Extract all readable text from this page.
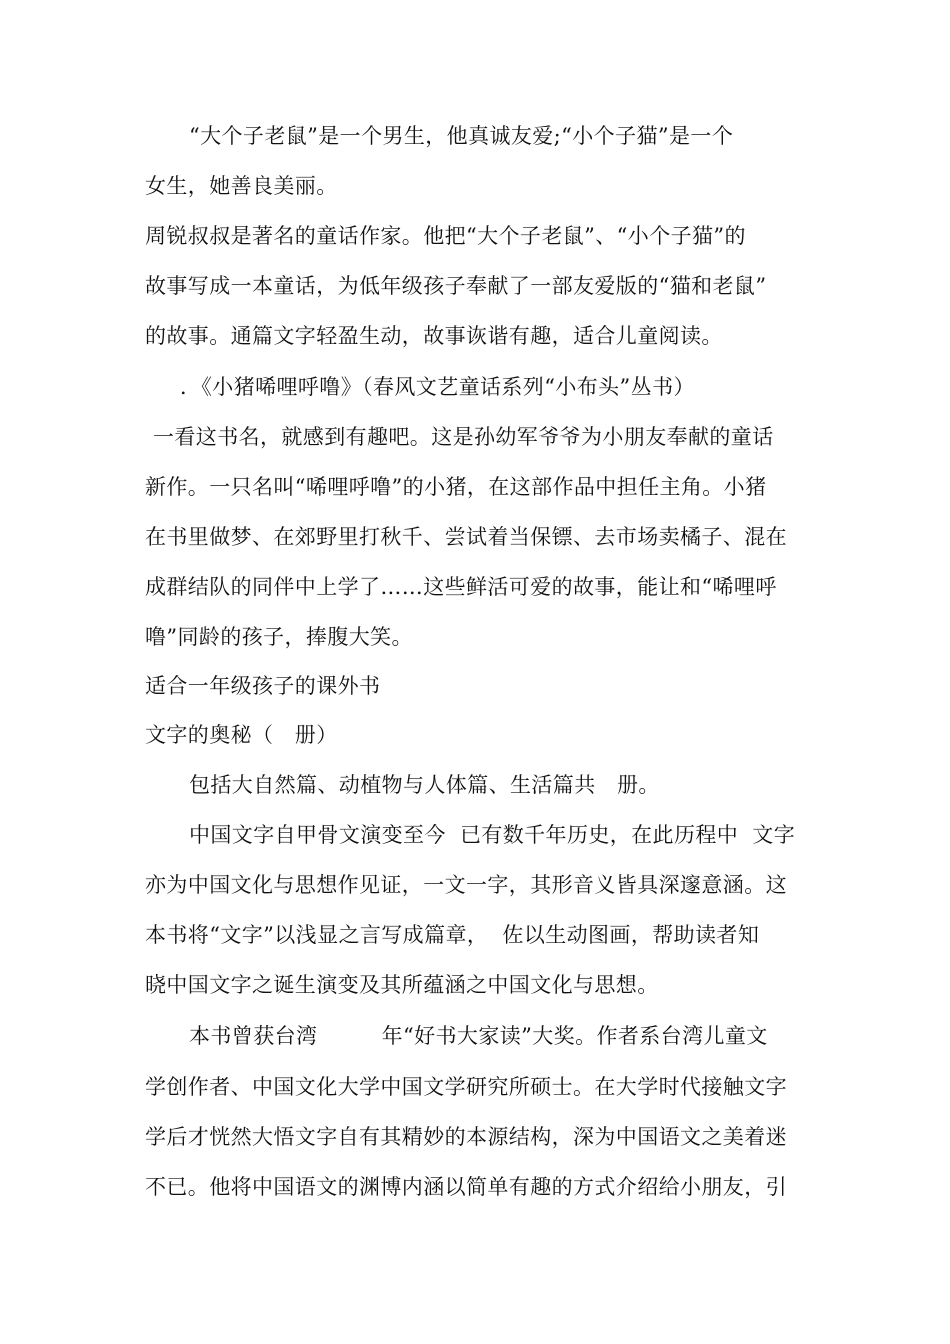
“大个子老鼠”是一个男生，他真诚友爱;“小个子猫”是一个
女生，她善良美丽。
周锐叔叔是著名的童话作家。他把“大个子老鼠”、“小个子猫”的
故事写成一本童话，为低年级孩子奉献了一部友爱版的“猫和老鼠”
的故事。通篇文字轻盈生动，故事诙谐有趣，适合儿童阅读。
．《小猪唏哩呼噜》（春风文艺童话系列“小布头”丛书）
一看这书名，就感到有趣吧。这是孙幼军爷爷为小朋友奉献的童话
新作。一只名叫“唏哩呼噜”的小猪，在这部作品中担任主角。小猪
在书里做梦、在郊野里打秋千、尝试着当保镖、去市场卖橘子、混在
成群结队的同伴中上学了……这些鲜活可爱的故事，能让和“唏哩呼
噜”同龄的孩子，捧腹大笑。
适合一年级孩子的课外书
文字的奥秘（　册）
包括大自然篇、动植物与人体篇、生活篇共　册。
中国文字自甲骨文演变至今  已有数千年历史，在此历程中  文字
亦为中国文化与思想作见证，一文一字，其形音义皆具深邃意涵。这
本书将“文字”以浅显之言写成篇章，  佐以生动图画，帮助读者知
晓中国文字之诞生演变及其所蕴涵之中国文化与思想。
本书曾获台湾　　　年“好书大家读”大奖。作者系台湾儿童文
学创作者、中国文化大学中国文学研究所硕士。在大学时代接触文字
学后才恍然大悟文字自有其精妙的本源结构，深为中国语文之美着迷
不已。他将中国语文的渊博内涵以简单有趣的方式介绍给小朋友，引
